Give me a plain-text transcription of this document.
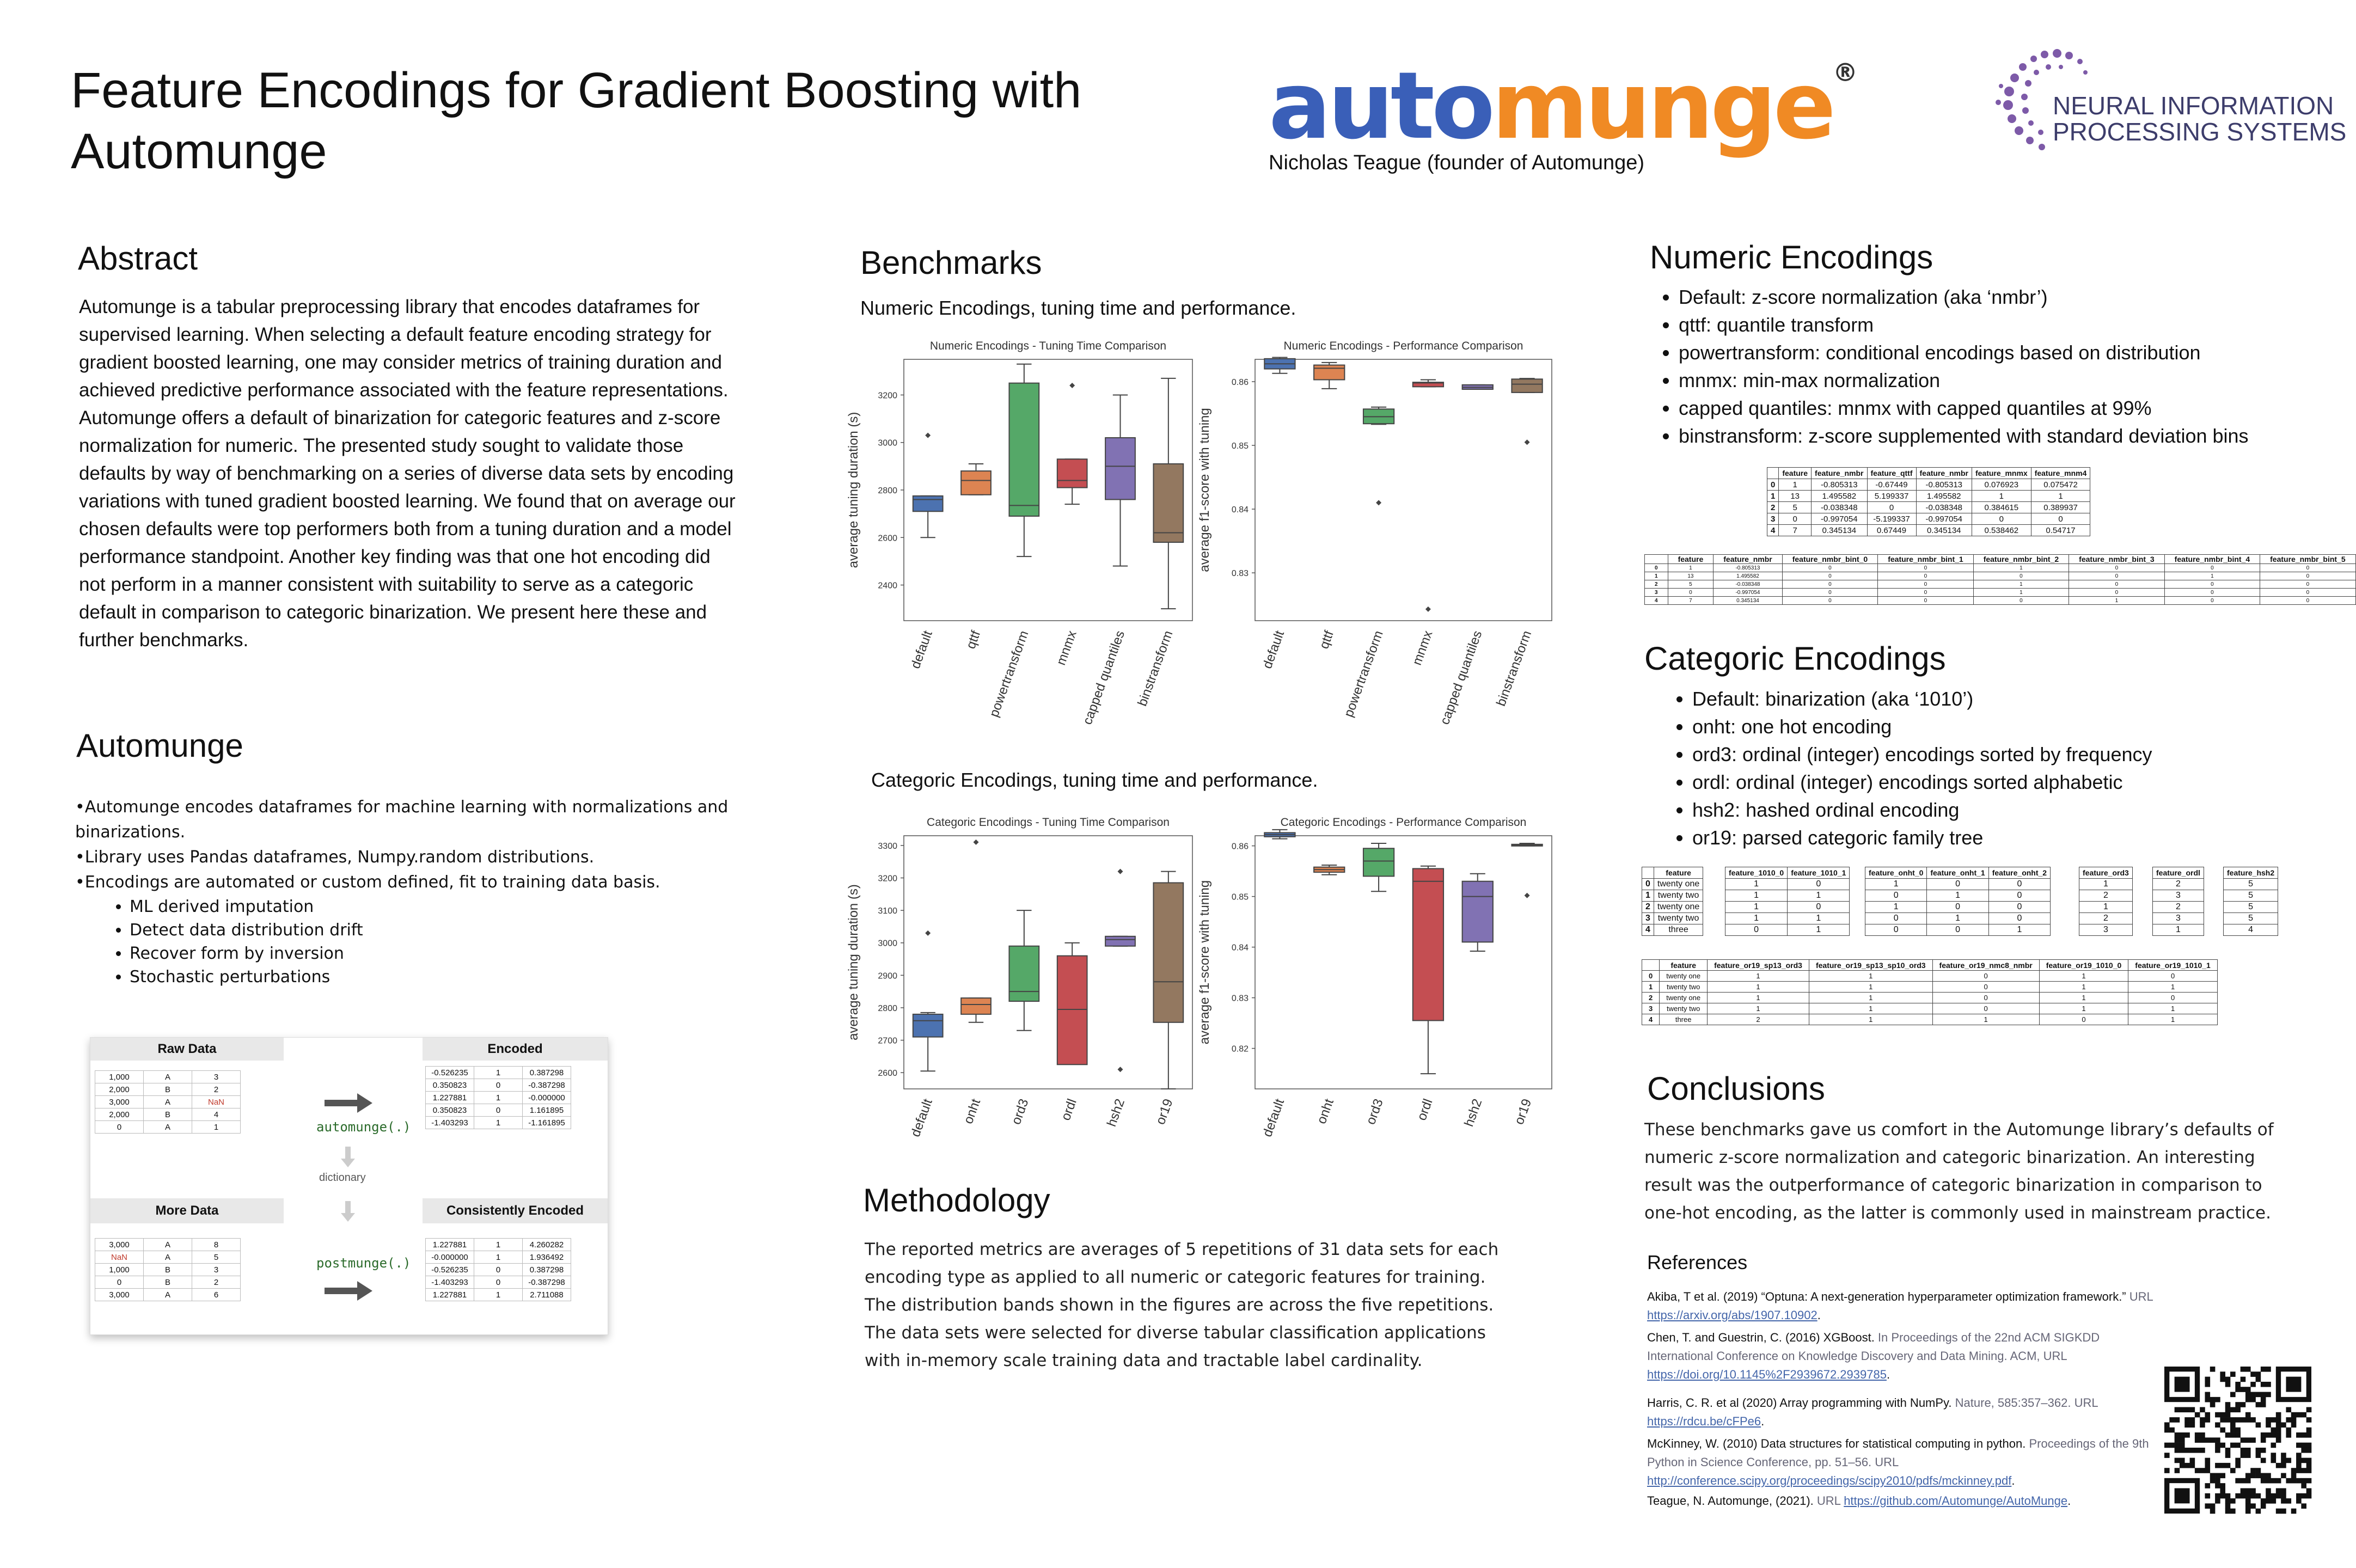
Feature Encodings for Gradient Boosting with Automunge	automunge®
Nicholas Teague (founder of Automunge)
NEURAL INFORMATION
PROCESSING SYSTEMS
Abstract
Automunge is a tabular preprocessing library that encodes dataframes for supervised learning. When selecting a default feature encoding strategy for gradient boosted learning, one may consider metrics of training duration and achieved predictive performance associated with the feature representations. Automunge offers a default of binarization for categoric features and z-score normalization for numeric. The presented study sought to validate those defaults by way of benchmarking on a series of diverse data sets by encoding variations with tuned gradient boosted learning. We found that on average our chosen defaults were top performers both from a tuning duration and a model performance standpoint. Another key finding was that one hot encoding did not perform in a manner consistent with suitability to serve as a categoric default in comparison to categoric binarization. We present here these and further benchmarks.
Automunge
•Automunge encodes dataframes for machine learning with normalizations and binarizations.
•Library uses Pandas dataframes, Numpy.random distributions.
•Encodings are automated or custom defined, fit to training data basis.
• ML derived imputation
• Detect data distribution drift
• Recover form by inversion
• Stochastic perturbations
Raw Data	Encoded
1,000	A	3
2,000	B	2
3,000	A	NaN
2,000	B	4
0	A	1
-0.526235	1	0.387298
0.350823	0	-0.387298
1.227881	1	-0.000000
0.350823	0	1.161895
-1.403293	1	-1.161895
automunge(.)
dictionary
More Data	Consistently Encoded
3,000	A	8
NaN	A	5
1,000	B	3
0	B	2
3,000	A	6
1.227881	1	4.260282
-0.000000	1	1.936492
-0.526235	0	0.387298
-1.403293	0	-0.387298
1.227881	1	2.711088
postmunge(.)
Benchmarks
Numeric Encodings, tuning time and performance.
Numeric Encodings - Tuning Time Comparison
2400
2600
2800
3000
3200
average tuning duration (s)
default qttf powertransform mnmx capped quantiles binstransform
Numeric Encodings - Performance Comparison
0.83
0.84
0.85
0.86
average f1-score with tuning
default qttf powertransform mnmx capped quantiles binstransform
Categoric Encodings, tuning time and performance.
Categoric Encodings - Tuning Time Comparison
2600
2700
2800
2900
3000
3100
3200
3300
average tuning duration (s)
default onht ord3 ordl hsh2 or19
Categoric Encodings - Performance Comparison
0.82
0.83
0.84
0.85
0.86
average f1-score with tuning
default onht ord3 ordl hsh2 or19
Methodology
The reported metrics are averages of 5 repetitions of 31 data sets for each encoding type as applied to all numeric or categoric features for training. The distribution bands shown in the figures are across the five repetitions. The data sets were selected for diverse tabular classification applications with in-memory scale training data and tractable label cardinality.
Numeric Encodings
• Default: z-score normalization (aka ‘nmbr’)
• qttf: quantile transform
• powertransform: conditional encodings based on distribution
• mnmx: min-max normalization
• capped quantiles: mnmx with capped quantiles at 99%
• binstransform: z-score supplemented with standard deviation bins
	feature	feature_nmbr	feature_qttf	feature_nmbr	feature_mnmx	feature_mnm4
0	1	-0.805313	-0.67449	-0.805313	0.076923	0.075472
1	13	1.495582	5.199337	1.495582	1	1
2	5	-0.038348	0	-0.038348	0.384615	0.389937
3	0	-0.997054	-5.199337	-0.997054	0	0
4	7	0.345134	0.67449	0.345134	0.538462	0.54717
	feature	feature_nmbr	feature_nmbr_bint_0	feature_nmbr_bint_1	feature_nmbr_bint_2	feature_nmbr_bint_3	feature_nmbr_bint_4	feature_nmbr_bint_5
0	1	-0.805313	0	0	1	0	0	0
1	13	1.495582	0	0	0	0	1	0
2	5	-0.038348	0	0	1	0	0	0
3	0	-0.997054	0	0	1	0	0	0
4	7	0.345134	0	0	0	1	0	0
Categoric Encodings
• Default: binarization (aka ‘1010’)
• onht: one hot encoding
• ord3: ordinal (integer) encodings sorted by frequency
• ordl: ordinal (integer) encodings sorted alphabetic
• hsh2: hashed ordinal encoding
• or19: parsed categoric family tree
	feature
0	twenty one
1	twenty two
2	twenty one
3	twenty two
4	three
feature_1010_0	feature_1010_1
1	0
1	1
1	0
1	1
0	1
feature_onht_0	feature_onht_1	feature_onht_2
1	0	0
0	1	0
1	0	0
0	1	0
0	0	1
feature_ord3
1
2
1
2
3
feature_ordl
2
3
2
3
1
feature_hsh2
5
5
5
5
4
	feature	feature_or19_sp13_ord3	feature_or19_sp13_sp10_ord3	feature_or19_nmc8_nmbr	feature_or19_1010_0	feature_or19_1010_1
0	twenty one	1	1	0	1	0
1	twenty two	1	1	0	1	1
2	twenty one	1	1	0	1	0
3	twenty two	1	1	0	1	1
4	three	2	1	1	0	1
Conclusions
These benchmarks gave us comfort in the Automunge library’s defaults of numeric z-score normalization and categoric binarization. An interesting result was the outperformance of categoric binarization in comparison to one-hot encoding, as the latter is commonly used in mainstream practice.
References
Akiba, T et al. (2019) “Optuna: A next-generation hyperparameter optimization framework.” URL https://arxiv.org/abs/1907.10902.
Chen, T. and Guestrin, C. (2016) XGBoost. In Proceedings of the 22nd ACM SIGKDD International Conference on Knowledge Discovery and Data Mining. ACM, URL https://doi.org/10.1145%2F2939672.2939785.
Harris, C. R. et al (2020) Array programming with NumPy. Nature, 585:357–362. URL https://rdcu.be/cFPe6.
McKinney, W. (2010) Data structures for statistical computing in python. Proceedings of the 9th Python in Science Conference, pp. 51–56. URL http://conference.scipy.org/proceedings/scipy2010/pdfs/mckinney.pdf.
Teague, N. Automunge, (2021). URL https://github.com/Automunge/AutoMunge.
